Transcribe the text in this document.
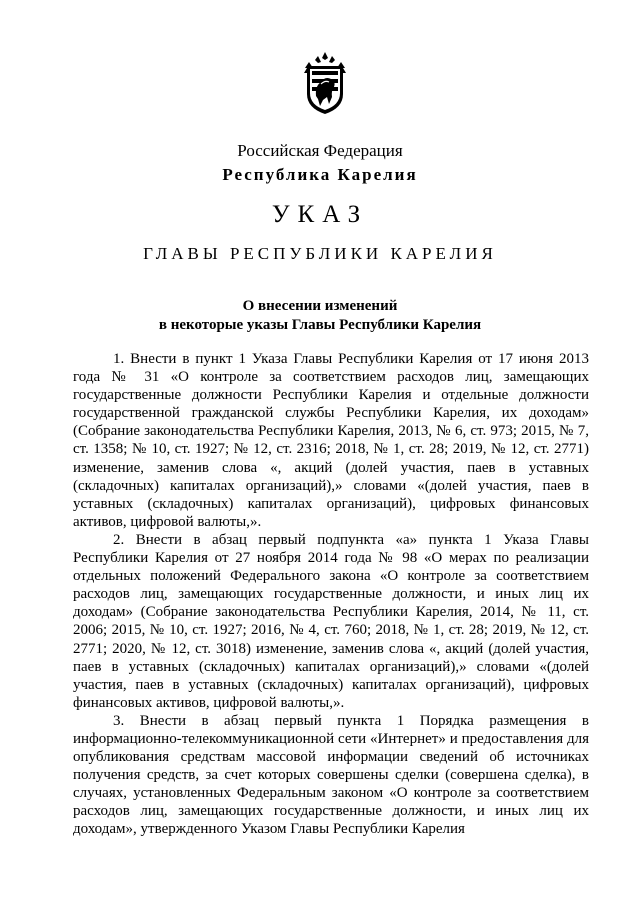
Российская Федерация
Республика Карелия
УКАЗ
ГЛАВЫ РЕСПУБЛИКИ КАРЕЛИЯ
О внесении изменений
в некоторые указы Главы Республики Карелия

1. Внести в пункт 1 Указа Главы Республики Карелия от 17 июня 2013 года № 31 «О контроле за соответствием расходов лиц, замещающих государственные должности Республики Карелия и отдельные должности государственной гражданской службы Республики Карелия, их доходам» (Собрание законодательства Республики Карелия, 2013, № 6, ст. 973; 2015, № 7, ст. 1358; № 10, ст. 1927; № 12, ст. 2316; 2018, № 1, ст. 28; 2019, № 12, ст. 2771) изменение, заменив слова «, акций (долей участия, паев в уставных (складочных) капиталах организаций),» словами «(долей участия, паев в уставных (складочных) капиталах организаций), цифровых финансовых активов, цифровой валюты,».

2. Внести в абзац первый подпункта «а» пункта 1 Указа Главы Республики Карелия от 27 ноября 2014 года № 98 «О мерах по реализации отдельных положений Федерального закона «О контроле за соответствием расходов лиц, замещающих государственные должности, и иных лиц их доходам» (Собрание законодательства Республики Карелия, 2014, № 11, ст. 2006; 2015, № 10, ст. 1927; 2016, № 4, ст. 760; 2018, № 1, ст. 28; 2019, № 12, ст. 2771; 2020, № 12, ст. 3018) изменение, заменив слова «, акций (долей участия, паев в уставных (складочных) капиталах организаций),» словами «(долей участия, паев в уставных (складочных) капиталах организаций), цифровых финансовых активов, цифровой валюты,».

3. Внести в абзац первый пункта 1 Порядка размещения в информационно-телекоммуникационной сети «Интернет» и предоставления для опубликования средствам массовой информации сведений об источниках получения средств, за счет которых совершены сделки (совершена сделка), в случаях, установленных Федеральным законом «О контроле за соответствием расходов лиц, замещающих государственные должности, и иных лиц их доходам», утвержденного Указом Главы Республики Карелия
